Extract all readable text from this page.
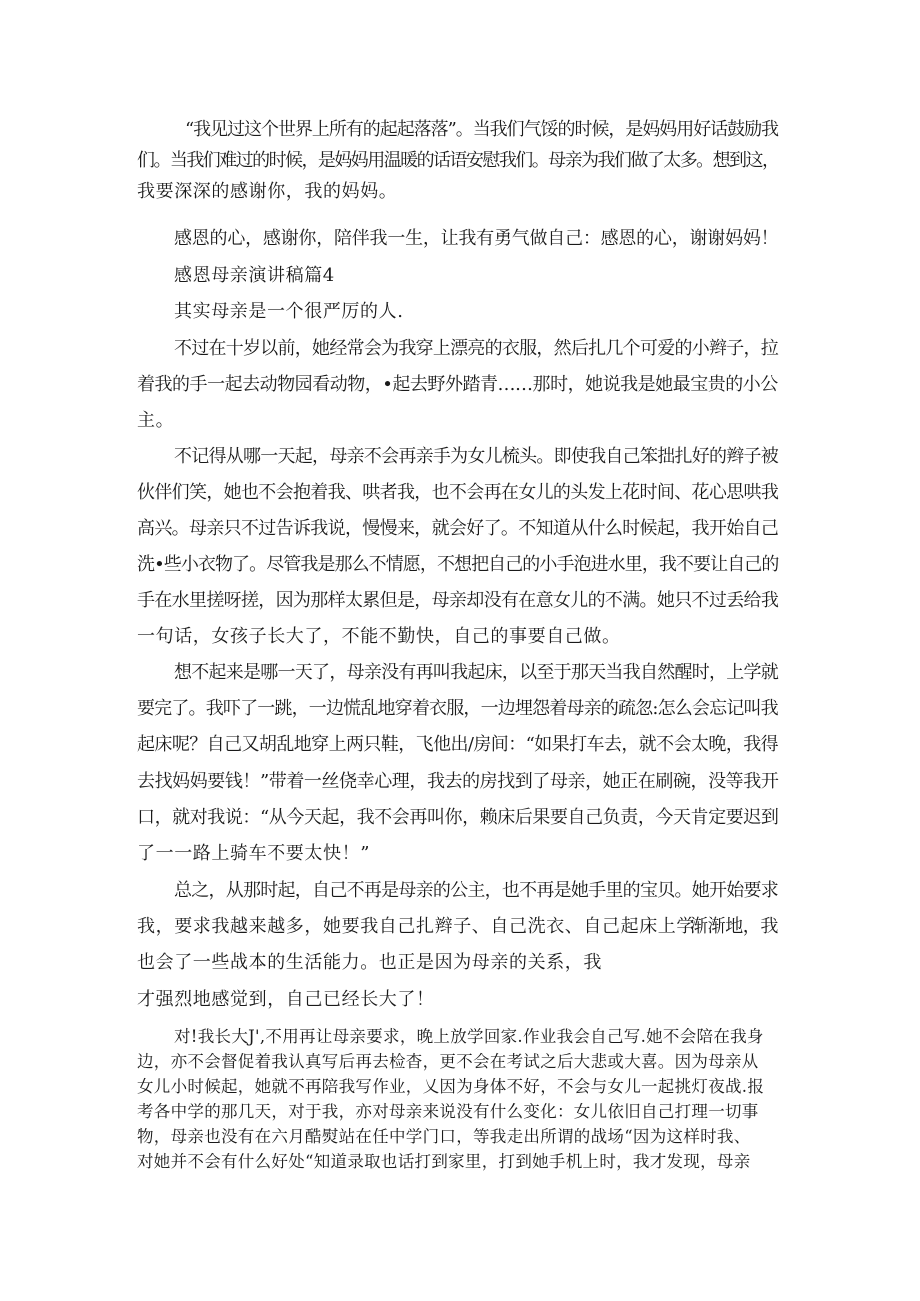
“我见过这个世界上所有的起起落落”。当我们气馁的时候，是妈妈用好话鼓励我

们。当我们难过的时候，是妈妈用温暖的话语安慰我们。母亲为我们做了太多。想到这，

我要深深的感谢你，我的妈妈。

感恩的心，感谢你，陪伴我一生，让我有勇气做自己：感恩的心，谢谢妈妈！

感恩母亲演讲稿篇4

其实母亲是一个很严厉的人.

不过在十岁以前，她经常会为我穿上漂亮的衣服，然后扎几个可爱的小辫子，拉

着我的手一起去动物园看动物，•起去野外踏青……那时，她说我是她最宝贵的小公

主。

不记得从哪一天起，母亲不会再亲手为女儿梳头。即使我自己笨拙扎好的辫子被

伙伴们笑，她也不会抱着我、哄者我，也不会再在女儿的头发上花时间、花心思哄我

高兴。母亲只不过告诉我说，慢慢来，就会好了。不知道从什么时候起，我开始自己

洗•些小衣物了。尽管我是那么不情愿，不想把自己的小手泡进水里，我不要让自己的

手在水里搓呀搓，因为那样太累但是，母亲却没有在意女儿的不满。她只不过丢给我

一句话，女孩子长大了，不能不勤快，自己的事要自己做。

想不起来是哪一天了，母亲没有再叫我起床，以至于那天当我自然醒时，上学就

要完了。我吓了一跳，一边慌乱地穿着衣服，一边埋怨着母亲的疏忽:怎么会忘记叫我

起床呢？自己又胡乱地穿上两只鞋，飞他出/房间：“如果打车去，就不会太晚，我得

去找妈妈要钱！”带着一丝侥幸心理，我去的房找到了母亲，她正在刷碗，没等我开

口，就对我说：“从今天起，我不会再叫你，赖床后果要自己负责，今天肯定要迟到

了一一路上骑车不要太快！”

总之，从那时起，自己不再是母亲的公主，也不再是她手里的宝贝。她开始要求

我，要求我越来越多，她要我自己扎辫子、自己洗衣、自己起床上学

渐渐地，我

也会了一些战本的生活能力。也正是因为母亲的关系，我

才强烈地感觉到，自己已经长大了！

对!我长大J',不用再让母亲要求，晚上放学回家.作业我会自己写.她不会陪在我身

边，亦不会督促着我认真写后再去检杳，更不会在考试之后大悲或大喜。因为母亲从

女儿小时候起，她就不再陪我写作业，乂因为身体不好，不会与女儿一起挑灯夜战.报

考各中学的那几天，对于我，亦对母亲来说没有什么变化：女儿依旧自己打理一切事

物，母亲也没有在六月酷熨站在任中学门口，等我走出所谓的战场“因为这样时我、

对她并不会有什么好处“知道录取也话打到家里，打到她手机上时，我才发现，母亲
